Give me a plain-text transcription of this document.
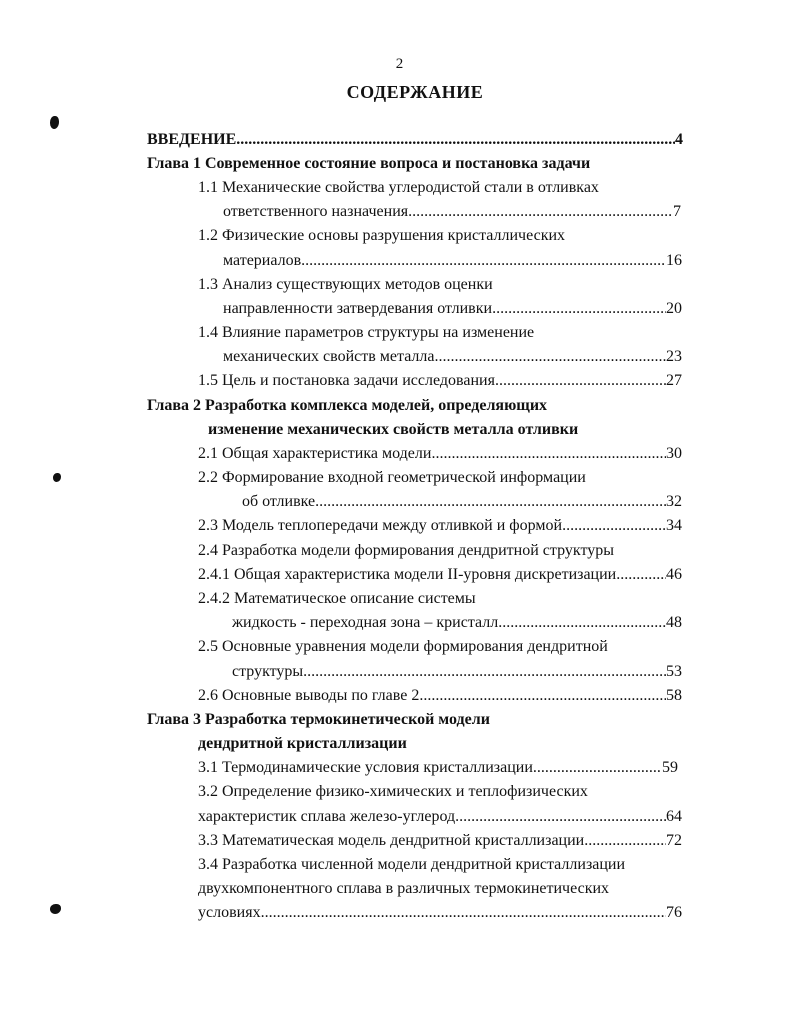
2
СОДЕРЖАНИЕ
ВВЕДЕНИЕ .....	4
Глава 1 Современное состояние вопроса и постановка задачи
1.1 Механические свойства углеродистой стали в отливках
ответственного назначения .....	7
1.2 Физические основы разрушения кристаллических
материалов .....	16
1.3 Анализ существующих методов оценки
направленности затвердевания отливки .....	20
1.4 Влияние параметров структуры на изменение
механических свойств металла .....	23
1.5 Цель и постановка задачи исследования .....	27
Глава 2 Разработка комплекса моделей, определяющих
изменение механических свойств металла отливки
2.1 Общая характеристика модели .....	30
2.2 Формирование входной геометрической информации
об отливке .....	32
2.3 Модель теплопередачи между отливкой и формой .....	34
2.4 Разработка модели формирования дендритной структуры
2.4.1 Общая характеристика модели II-уровня дискретизации .....	46
2.4.2 Математическое описание системы
жидкость - переходная зона – кристалл .....	48
2.5 Основные уравнения модели формирования дендритной
структуры .....	53
2.6 Основные выводы по главе 2 .....	58
Глава 3 Разработка термокинетической модели
дендритной кристаллизации
3.1 Термодинамические условия кристаллизации .....	59
3.2 Определение физико-химических и теплофизических
характеристик сплава железо-углерод .....	64
3.3 Математическая модель дендритной кристаллизации .....	72
3.4 Разработка численной модели дендритной кристаллизации
двухкомпонентного сплава в различных термокинетических
условиях .....	76
